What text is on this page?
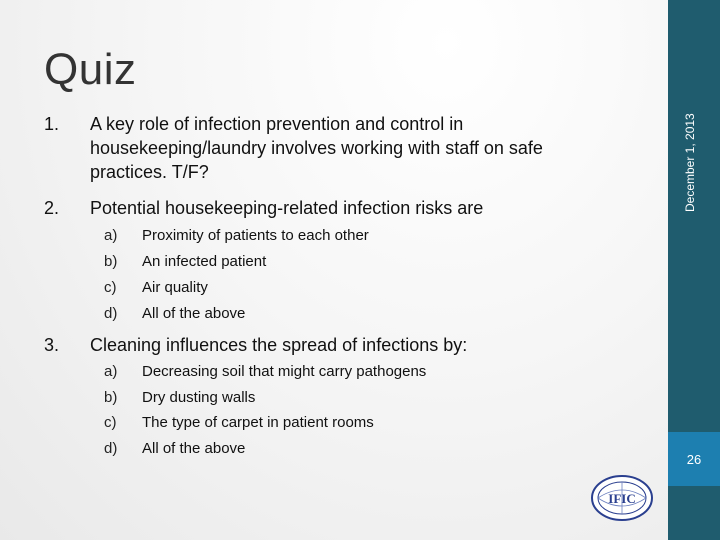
Quiz
1.	A key role of infection prevention and control in housekeeping/laundry involves working with staff on safe practices. T/F?
2.	Potential housekeeping-related infection risks are
a)	Proximity of patients to each other
b)	An infected patient
c)	Air quality
d)	All of the above
3.	Cleaning influences the spread of infections by:
a)	Decreasing soil that might carry pathogens
b)	Dry dusting walls
c)	The type of carpet in patient rooms
d)	All of the above
IFIC
December 1, 2013
26
